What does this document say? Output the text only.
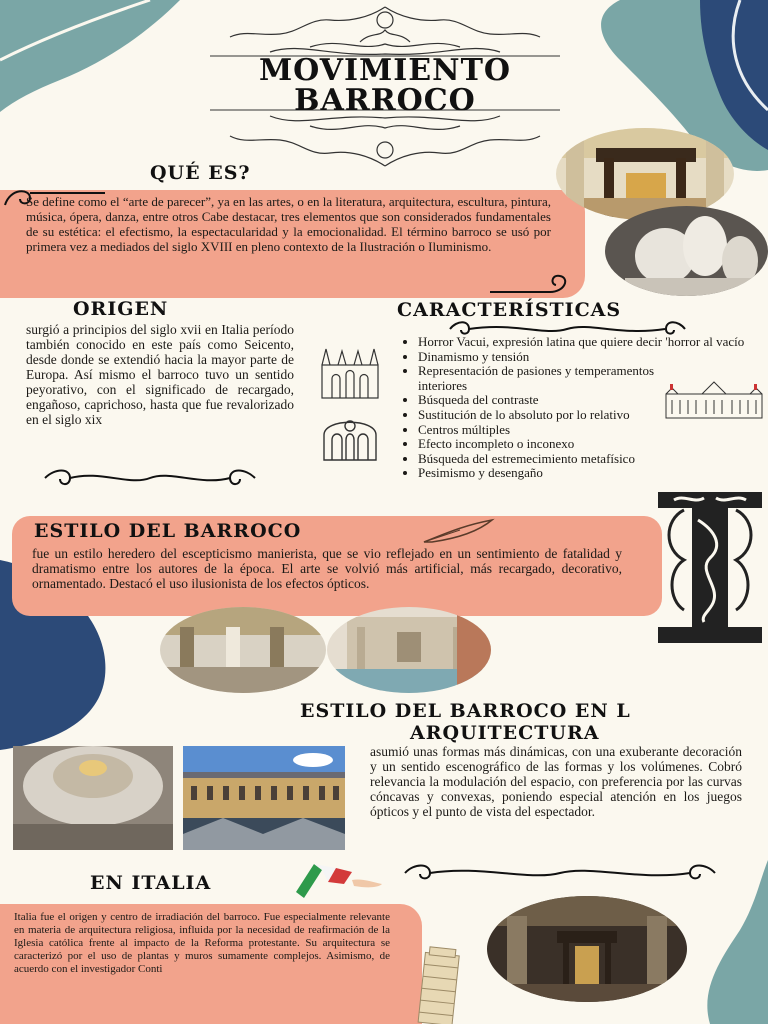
MOVIMIENTO
BARROCO
QUÉ ES?
Se define como el “arte de parecer”, ya en las artes, o en la literatura, arquitectura, escultura, pintura, música, ópera, danza, entre otros Cabe destacar, tres elementos que son considerados fundamentales de su estética: el efectismo, la espectacularidad y la emocionalidad. El término barroco se usó por primera vez a mediados del siglo XVIII en pleno contexto de la Ilustración o Iluminismo.
ORIGEN
surgió a principios del siglo xvii en Italia período también conocido en este país como Seicento, desde donde se extendió hacia la mayor parte de Europa. Así mismo el barroco tuvo un sentido peyorativo, con el significado de recargado, engañoso, caprichoso, hasta que fue revalorizado en el siglo xix
CARACTERÍSTICAS
• Horror Vacui, expresión latina que quiere decir 'horror al vacío
• Dinamismo y tensión
• Representación de pasiones y temperamentos interiores
• Búsqueda del contraste
• Sustitución de lo absoluto por lo relativo
• Centros múltiples
• Efecto incompleto o inconexo
• Búsqueda del estremecimiento metafísico
• Pesimismo y desengaño
ESTILO DEL BARROCO
fue un estilo heredero del escepticismo manierista, que se vio reflejado en un sentimiento de fatalidad y dramatismo entre los autores de la época. El arte se volvió más artificial, más recargado, decorativo, ornamentado. Destacó el uso ilusionista de los efectos ópticos.
ESTILO DEL BARROCO EN L
ARQUITECTURA
asumió unas formas más dinámicas, con una exuberante decoración y un sentido escenográfico de las formas y los volúmenes. Cobró relevancia la modulación del espacio, con preferencia por las curvas cóncavas y convexas, poniendo especial atención en los juegos ópticos y el punto de vista del espectador.
EN ITALIA
Italia fue el origen y centro de irradiación del barroco. Fue especialmente relevante en materia de arquitectura religiosa, influida por la necesidad de reafirmación de la Iglesia católica frente al impacto de la Reforma protestante. Su arquitectura se caracterizó por el uso de plantas y muros sumamente complejos. Asimismo, de acuerdo con el investigador Conti
